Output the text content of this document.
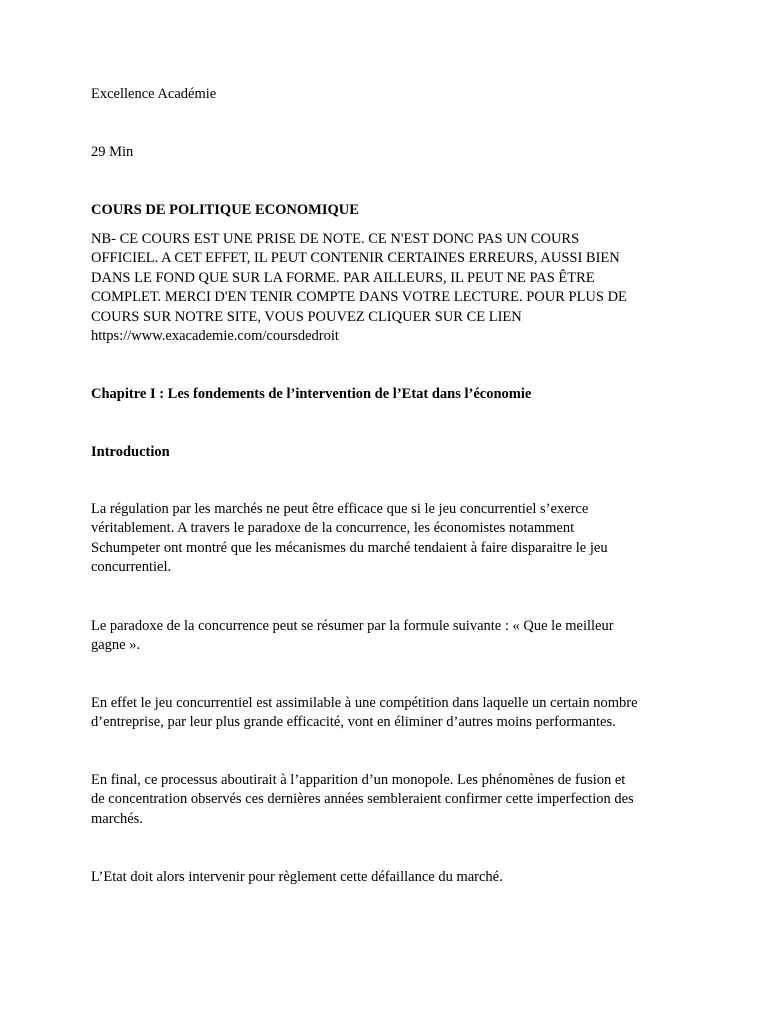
Excellence Académie
29 Min
COURS DE POLITIQUE ECONOMIQUE
NB- CE COURS EST UNE PRISE DE NOTE. CE N'EST DONC PAS UN COURS
OFFICIEL. A CET EFFET, IL PEUT CONTENIR CERTAINES ERREURS, AUSSI BIEN
DANS LE FOND QUE SUR LA FORME. PAR AILLEURS, IL PEUT NE PAS ÊTRE
COMPLET. MERCI D'EN TENIR COMPTE DANS VOTRE LECTURE. POUR PLUS DE
COURS SUR NOTRE SITE, VOUS POUVEZ CLIQUER SUR CE LIEN
https://www.exacademie.com/coursdedroit
Chapitre I : Les fondements de l’intervention de l’Etat dans l’économie
Introduction
La régulation par les marchés ne peut être efficace que si le jeu concurrentiel s’exerce
véritablement. A travers le paradoxe de la concurrence, les économistes notamment
Schumpeter ont montré que les mécanismes du marché tendaient à faire disparaitre le jeu
concurrentiel.
Le paradoxe de la concurrence peut se résumer par la formule suivante : « Que le meilleur
gagne ».
En effet le jeu concurrentiel est assimilable à une compétition dans laquelle un certain nombre
d’entreprise, par leur plus grande efficacité, vont en éliminer d’autres moins performantes.
En final, ce processus aboutirait à l’apparition d’un monopole. Les phénomènes de fusion et
de concentration observés ces dernières années sembleraient confirmer cette imperfection des
marchés.
L’Etat doit alors intervenir pour règlement cette défaillance du marché.
